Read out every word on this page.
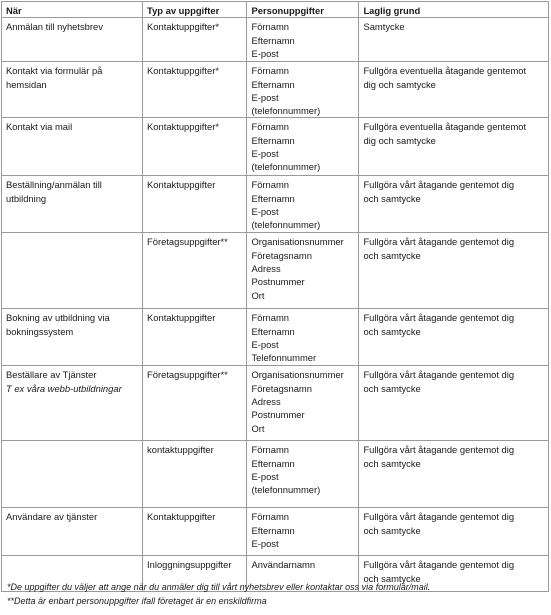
När	Typ av uppgifter	Personuppgifter	Laglig grund

Anmälan till nyhetsbrev	Kontaktuppgifter*	Förnamn
Efternamn
E-post	Samtycke

Kontakt via formulär på
hemsidan	Kontaktuppgifter*	Förnamn
Efternamn
E-post
(telefonnummer)	Fullgöra eventuella åtagande gentemot
dig och samtycke

Kontakt via mail	Kontaktuppgifter*	Förnamn
Efternamn
E-post
(telefonnummer)	Fullgöra eventuella åtagande gentemot
dig och samtycke

Beställning/anmälan till
utbildning	Kontaktuppgifter	Förnamn
Efternamn
E-post
(telefonnummer)	Fullgöra vårt åtagande gentemot dig
och samtycke

	Företagsuppgifter**	Organisationsnummer
Företagsnamn
Adress
Postnummer
Ort	Fullgöra vårt åtagande gentemot dig
och samtycke

Bokning av utbildning via
bokningssystem	Kontaktuppgifter	Förnamn
Efternamn
E-post
Telefonnummer	Fullgöra vårt åtagande gentemot dig
och samtycke

Beställare av Tjänster
T ex våra webb-utbildningar	Företagsuppgifter**	Organisationsnummer
Företagsnamn
Adress
Postnummer
Ort	Fullgöra vårt åtagande gentemot dig
och samtycke

	kontaktuppgifter	Förnamn
Efternamn
E-post
(telefonnummer)	Fullgöra vårt åtagande gentemot dig
och samtycke

Användare av tjänster	Kontaktuppgifter	Förnamn
Efternamn
E-post	Fullgöra vårt åtagande gentemot dig
och samtycke

	Inloggningsuppgifter	Användarnamn	Fullgöra vårt åtagande gentemot dig
och samtycke
*De uppgifter du väljer att ange när du anmäler dig till vårt nyhetsbrev eller kontaktar oss via formulär/mail.
**Detta är enbart personuppgifter ifall företaget är en enskildfirma
